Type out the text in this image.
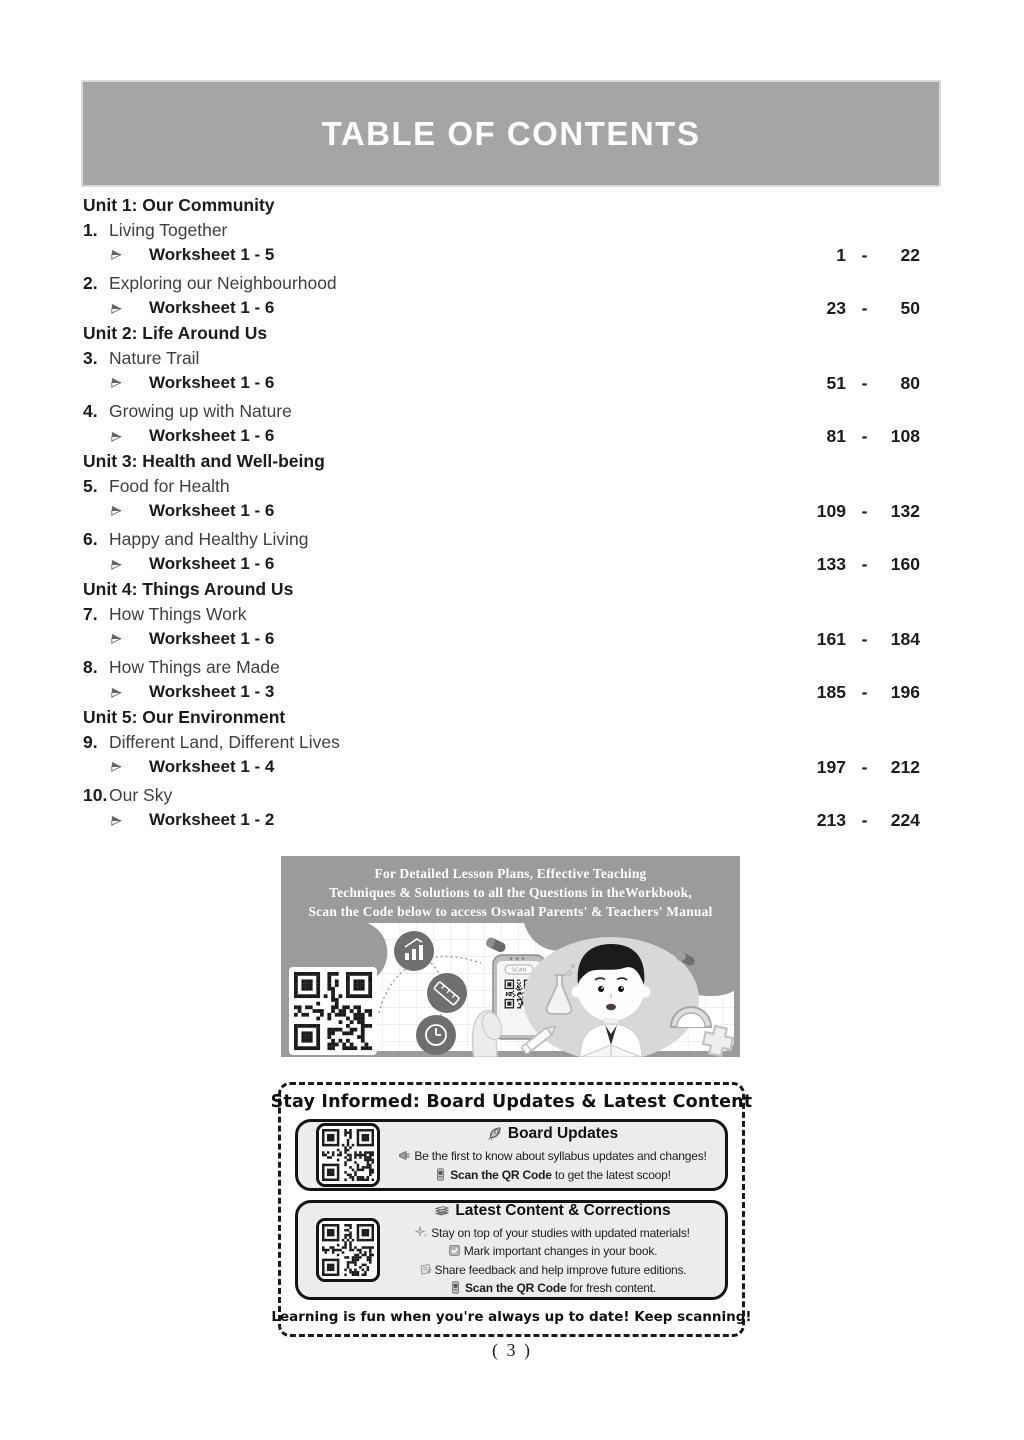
TABLE OF CONTENTS
Unit 1: Our Community
1. Living Together
Worksheet 1 - 5	1 -	22
2. Exploring our Neighbourhood
Worksheet 1 - 6	23 -	50
Unit 2: Life Around Us
3. Nature Trail
Worksheet 1 - 6	51 -	80
4. Growing up with Nature
Worksheet 1 - 6	81 -	108
Unit 3: Health and Well-being
5. Food for Health
Worksheet 1 - 6	109 -	132
6. Happy and Healthy Living
Worksheet 1 - 6	133 -	160
Unit 4: Things Around Us
7. How Things Work
Worksheet 1 - 6	161 -	184
8. How Things are Made
Worksheet 1 - 3	185 -	196
Unit 5: Our Environment
9. Different Land, Different Lives
Worksheet 1 - 4	197 -	212
10. Our Sky
Worksheet 1 - 2	213 -	224
For Detailed Lesson Plans, Effective Teaching
Techniques & Solutions to all the Questions in theWorkbook,
Scan the Code below to access Oswaal Parents' & Teachers' Manual
SCAN
Stay Informed: Board Updates & Latest Content
Board Updates
Be the first to know about syllabus updates and changes!
Scan the QR Code to get the latest scoop!
Latest Content & Corrections
Stay on top of your studies with updated materials!
Mark important changes in your book.
Share feedback and help improve future editions.
Scan the QR Code for fresh content.
Learning is fun when you're always up to date! Keep scanning!
( 3 )
